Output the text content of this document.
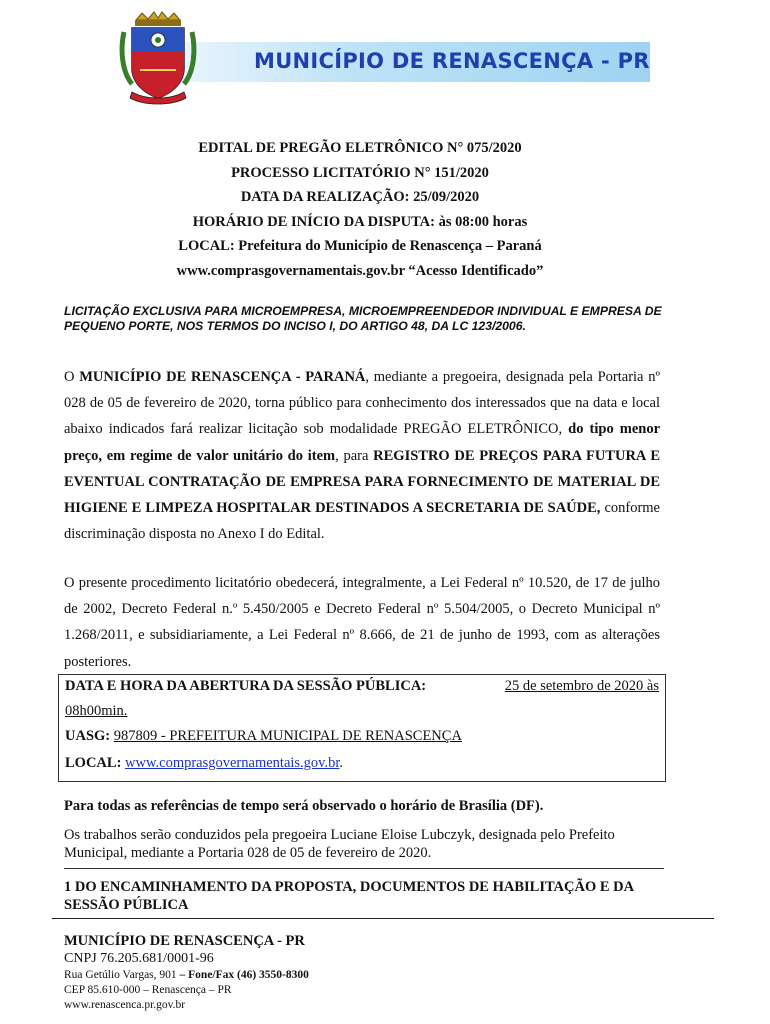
MUNICÍPIO DE RENASCENÇA - PR
EDITAL DE PREGÃO ELETRÔNICO N° 075/2020
PROCESSO LICITATÓRIO N° 151/2020
DATA DA REALIZAÇÃO: 25/09/2020
HORÁRIO DE INÍCIO DA DISPUTA: às 08:00 horas
LOCAL: Prefeitura do Município de Renascença – Paraná
www.comprasgovernamentais.gov.br “Acesso Identificado”
LICITAÇÃO EXCLUSIVA PARA MICROEMPRESA, MICROEMPREENDEDOR INDIVIDUAL E EMPRESA DE PEQUENO PORTE, NOS TERMOS DO INCISO I, DO ARTIGO 48, DA LC 123/2006.
O MUNICÍPIO DE RENASCENÇA - PARANÁ, mediante a pregoeira, designada pela Portaria nº 028 de 05 de fevereiro de 2020, torna público para conhecimento dos interessados que na data e local abaixo indicados fará realizar licitação sob modalidade PREGÃO ELETRÔNICO, do tipo menor preço, em regime de valor unitário do item, para REGISTRO DE PREÇOS PARA FUTURA E EVENTUAL CONTRATAÇÃO DE EMPRESA PARA FORNECIMENTO DE MATERIAL DE HIGIENE E LIMPEZA HOSPITALAR DESTINADOS A SECRETARIA DE SAÚDE, conforme discriminação disposta no Anexo I do Edital.
O presente procedimento licitatório obedecerá, integralmente, a Lei Federal nº 10.520, de 17 de julho de 2002, Decreto Federal n.º 5.450/2005 e Decreto Federal nº 5.504/2005, o Decreto Municipal nº 1.268/2011, e subsidiariamente, a Lei Federal nº 8.666, de 21 de junho de 1993, com as alterações posteriores.
DATA E HORA DA ABERTURA DA SESSÃO PÚBLICA:	25 de setembro de 2020 às
08h00min.
UASG: 987809 - PREFEITURA MUNICIPAL DE RENASCENÇA
LOCAL: www.comprasgovernamentais.gov.br.
Para todas as referências de tempo será observado o horário de Brasília (DF).
Os trabalhos serão conduzidos pela pregoeira Luciane Eloise Lubczyk, designada pelo Prefeito Municipal, mediante a Portaria 028 de 05 de fevereiro de 2020.
1 DO ENCAMINHAMENTO DA PROPOSTA, DOCUMENTOS DE HABILITAÇÃO E DA SESSÃO PÚBLICA
MUNICÍPIO DE RENASCENÇA - PR
CNPJ 76.205.681/0001-96
Rua Getúlio Vargas, 901 – Fone/Fax (46) 3550-8300
CEP 85.610-000 – Renascença – PR
www.renascenca.pr.gov.br
